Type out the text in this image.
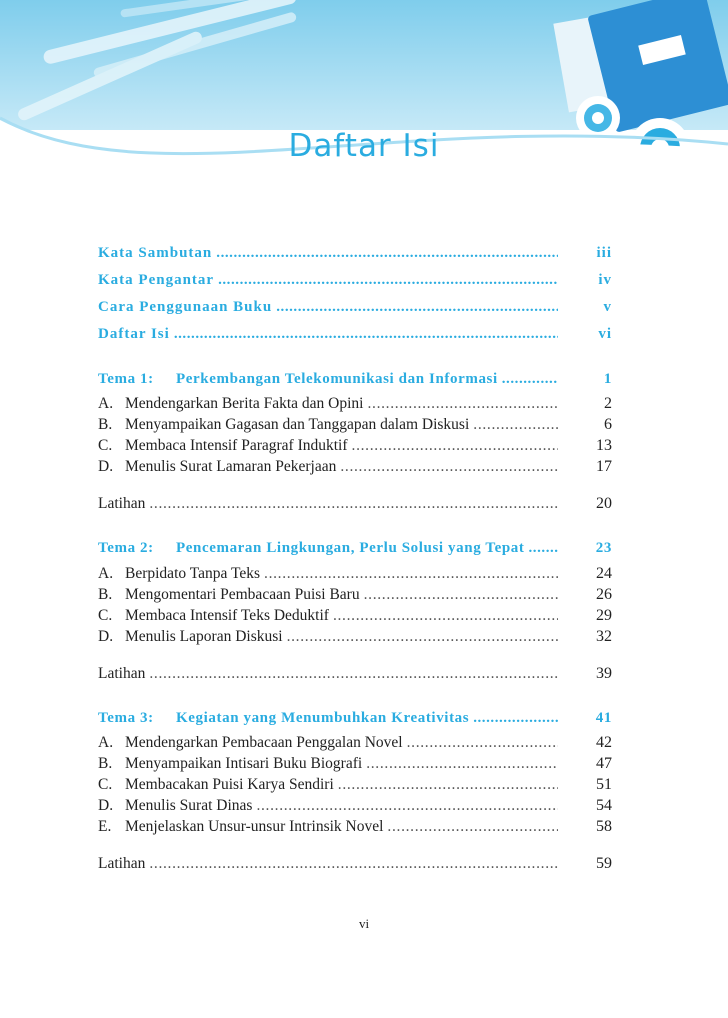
Daftar Isi
Kata Sambutan . . .	iii
Kata Pengantar . . .	iv
Cara Penggunaan Buku . . .	v
Daftar Isi . . .	vi
Tema 1:	Perkembangan Telekomunikasi dan Informasi . . .	1
A. Mendengarkan Berita Fakta dan Opini . . .	2
B. Menyampaikan Gagasan dan Tanggapan dalam Diskusi . . .	6
C. Membaca Intensif Paragraf Induktif . . .	13
D. Menulis Surat Lamaran Pekerjaan . . .	17
Latihan . . .	20
Tema 2:	Pencemaran Lingkungan, Perlu Solusi yang Tepat . . .	23
A. Berpidato Tanpa Teks . . .	24
B. Mengomentari Pembacaan Puisi Baru . . .	26
C. Membaca Intensif Teks Deduktif . . .	29
D. Menulis Laporan Diskusi . . .	32
Latihan . . .	39
Tema 3:	Kegiatan yang Menumbuhkan Kreativitas . . .	41
A. Mendengarkan Pembacaan Penggalan Novel . . .	42
B. Menyampaikan Intisari Buku Biografi . . .	47
C. Membacakan Puisi Karya Sendiri . . .	51
D. Menulis Surat Dinas . . .	54
E. Menjelaskan Unsur-unsur Intrinsik Novel . . .	58
Latihan . . .	59
vi
